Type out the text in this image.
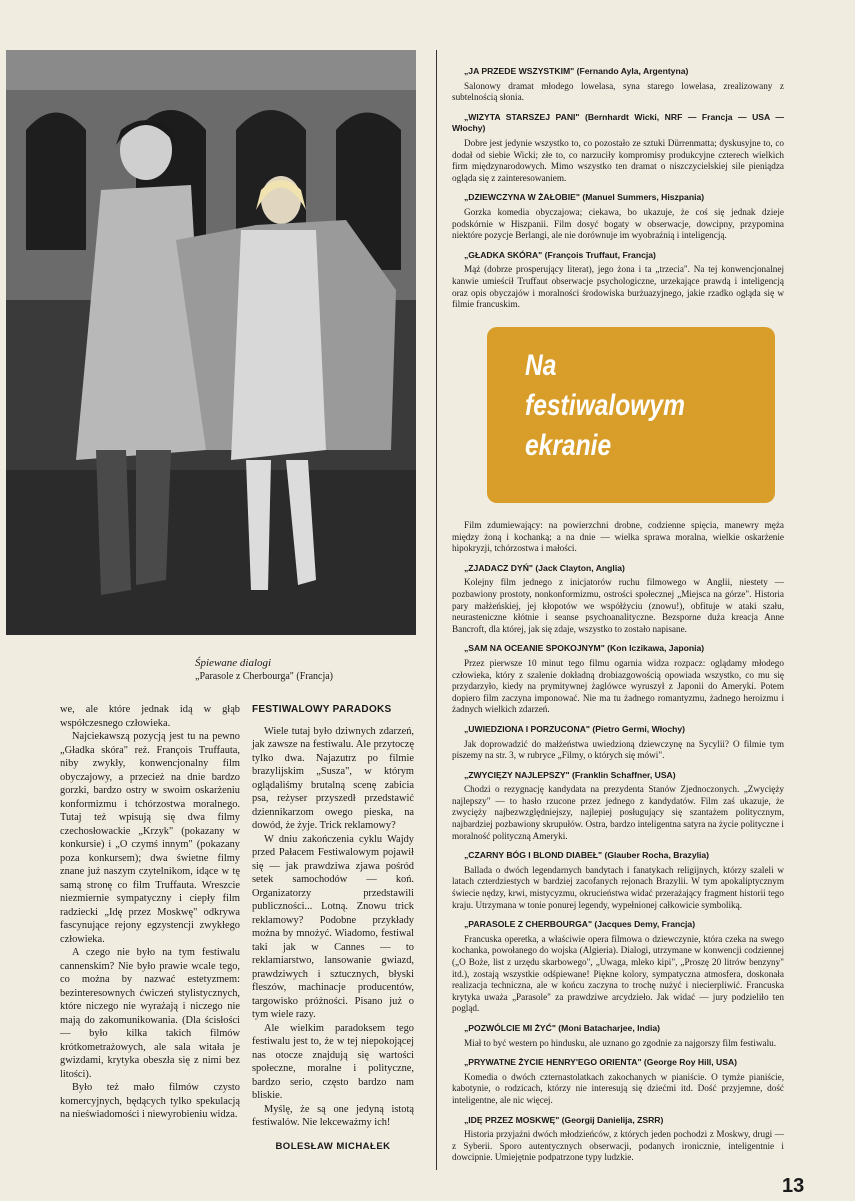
Śpiewane dialogi
„Parasole z Cherbourga" (Francja)

we, ale które jednak idą w głąb współczesnego człowieka.

Najciekawszą pozycją jest tu na pewno „Gładka skóra" reż. François Truffauta, niby zwykły, konwencjonalny film obyczajowy, a przecież na dnie bardzo gorzki, bardzo ostry w swoim oskarżeniu konformizmu i tchórzostwa moralnego. Tutaj też wpisują się dwa filmy czechosłowackie „Krzyk" (pokazany w konkursie) i „O czymś innym" (pokazany poza konkursem); dwa świetne filmy znane już naszym czytelnikom, idące w tę samą stronę co film Truffauta. Wreszcie niezmiernie sympatyczny i ciepły film radziecki „Idę przez Moskwę" odkrywa fascynujące rejony egzystencji zwykłego człowieka.

A czego nie było na tym festiwalu cannenskim? Nie było prawie wcale tego, co można by nazwać estetyzmem: bezinteresownych ćwiczeń stylistycznych, które niczego nie wyrażają i niczego nie mają do zakomunikowania. (Dla ścisłości — było kilka takich filmów krótkometrażowych, ale sala witała je gwizdami, krytyka obeszła się z nimi bez litości).

Było też mało filmów czysto komercyjnych, będących tylko spekulacją na nieświadomości i niewyrobieniu widza.

FESTIWALOWY PARADOKS

Wiele tutaj było dziwnych zdarzeń, jak zawsze na festiwalu. Ale przytoczę tylko dwa. Najazutrz po filmie brazylijskim „Susza", w którym oglądaliśmy brutalną scenę zabicia psa, reżyser przyszedł przedstawić dziennikarzom owego pieska, na dowód, że żyje. Trick reklamowy?

W dniu zakończenia cyklu Wajdy przed Pałacem Festiwalowym pojawił się — jak prawdziwa zjawa pośród setek samochodów — koń. Organizatorzy przedstawili publiczności... Lotną. Znowu trick reklamowy? Podobne przykłady można by mnożyć. Wiadomo, festiwal taki jak w Cannes — to reklamiarstwo, lansowanie gwiazd, prawdziwych i sztucznych, błyski fleszów, machinacje producentów, targowisko próżności. Pisano już o tym wiele razy.

Ale wielkim paradoksem tego festiwalu jest to, że w tej niepokojącej nas otocze znajdują się wartości społeczne, moralne i polityczne, bardzo serio, często bardzo nam bliskie.

Myślę, że są one jedyną istotą festiwalów. Nie lekceważmy ich!

BOLESŁAW MICHAŁEK
„JA PRZEDE WSZYSTKIM" (Fernando Ayla, Argentyna)
Salonowy dramat młodego lowelasa, syna starego lowelasa, zrealizowany z subtelnością słonia.
„WIZYTA STARSZEJ PANI" (Bernhardt Wicki, NRF — Francja — USA — Włochy)
Dobre jest jedynie wszystko to, co pozostało ze sztuki Dürrenmatta; dyskusyjne to, co dodał od siebie Wicki; złe to, co narzuciły kompromisy produkcyjne czterech wielkich firm międzynarodowych. Mimo wszystko ten dramat o niszczycielskiej sile pieniądza ogląda się z zainteresowaniem.
„DZIEWCZYNA W ŻAŁOBIE" (Manuel Summers, Hiszpania)
Gorzka komedia obyczajowa; ciekawa, bo ukazuje, że coś się jednak dzieje podskórnie w Hiszpanii. Film dosyć bogaty w obserwacje, dowcipny, przypomina niektóre pozycje Berlangi, ale nie dorównuje im wyobraźnią i inteligencją.
„GŁADKA SKÓRA" (François Truffaut, Francja)
Mąż (dobrze prosperujący literat), jego żona i ta „trzecia". Na tej konwencjonalnej kanwie umieścił Truffaut obserwacje psychologiczne, urzekające prawdą i inteligencją oraz opis obyczajów i moralności środowiska burżuazyjnego, jakie rzadko ogląda się w filmie francuskim.
Na
festiwalowym
ekranie
Film zdumiewający: na powierzchni drobne, codzienne spięcia, manewry męża między żoną i kochanką; a na dnie — wielka sprawa moralna, wielkie oskarżenie hipokryzji, tchórzostwa i małości.
„ZJADACZ DYŃ" (Jack Clayton, Anglia)
Kolejny film jednego z inicjatorów ruchu filmowego w Anglii, niestety — pozbawiony prostoty, nonkonformizmu, ostrości społecznej „Miejsca na górze". Historia pary małżeńskiej, jej kłopotów we współżyciu (znowu!), obfituje w ataki szału, neurasteniczne kłótnie i seanse psychoanalityczne. Bezsporne duża kreacja Anne Bancroft, dla której, jak się zdaje, wszystko to zostało napisane.
„SAM NA OCEANIE SPOKOJNYM" (Kon Iczikawa, Japonia)
Przez pierwsze 10 minut tego filmu ogarnia widza rozpacz: oglądamy młodego człowieka, który z szalenie dokładną drobiazgowością opowiada wszystko, co mu się przydarzyło, kiedy na prymitywnej żaglówce wyruszył z Japonii do Ameryki. Potem dopiero film zaczyna imponować. Nie ma tu żadnego romantyzmu, żadnego heroizmu i żadnych wielkich zdarzeń.
„UWIEDZIONA I PORZUCONA" (Pietro Germi, Włochy)
Jak doprowadzić do małżeństwa uwiedzioną dziewczynę na Sycylii? O filmie tym piszemy na str. 3, w rubryce „Filmy, o których się mówi".
„ZWYCIĘZY NAJLEPSZY" (Franklin Schaffner, USA)
Chodzi o rezygnację kandydata na prezydenta Stanów Zjednoczonych. „Zwycięży najlepszy" — to hasło rzucone przez jednego z kandydatów. Film zaś ukazuje, że zwycięży najbezwzględniejszy, najlepiej posługujący się szantażem politycznym, najbardziej pozbawiony skrupułów. Ostra, bardzo inteligentna satyra na życie polityczne i moralność polityczną Ameryki.
„CZARNY BÓG I BLOND DIABEŁ" (Glauber Rocha, Brazylia)
Ballada o dwóch legendarnych bandytach i fanatykach religijnych, którzy szaleli w latach czterdziestych w bardziej zacofanych rejonach Brazylii. W tym apokaliptycznym świecie nędzy, krwi, mistycyzmu, okrucieństwa widać przerażający fragment historii tego kraju. Utrzymana w tonie ponurej legendy, wypełnionej całkowicie symboliką.
„PARASOLE Z CHERBOURGA" (Jacques Demy, Francja)
Francuska operetka, a właściwie opera filmowa o dziewczynie, która czeka na swego kochanka, powołanego do wojska (Algieria). Dialogi, utrzymane w konwencji codziennej („O Boże, list z urzędu skarbowego", „Uwaga, mleko kipi", „Proszę 20 litrów benzyny" itd.), zostają wszystkie odśpiewane! Piękne kolory, sympatyczna atmosfera, doskonała realizacja techniczna, ale w końcu zaczyna to trochę nużyć i niecierpliwić. Francuska krytyka uważa „Parasole" za prawdziwe arcydzieło. Jak widać — jury podzieliło ten pogląd.
„POZWÓLCIE MI ŻYĆ" (Moni Batacharjee, India)
Miał to być western po hindusku, ale uznano go zgodnie za najgorszy film festiwalu.
„PRYWATNE ŻYCIE HENRY'EGO ORIENTA" (George Roy Hill, USA)
Komedia o dwóch czternastolatkach zakochanych w pianiście. O tymże pianiście, kabotynie, o rodzicach, którzy nie interesują się dziećmi itd. Dość przyjemne, dość inteligentne, ale nic więcej.
„IDĘ PRZEZ MOSKWĘ" (Georgij Danielija, ZSRR)
Historia przyjaźni dwóch młodzieńców, z których jeden pochodzi z Moskwy, drugi — z Syberii. Sporo autentycznych obserwacji, podanych ironicznie, inteligentnie i dowcipnie. Umiejętnie podpatrzone typy ludzkie.
13
